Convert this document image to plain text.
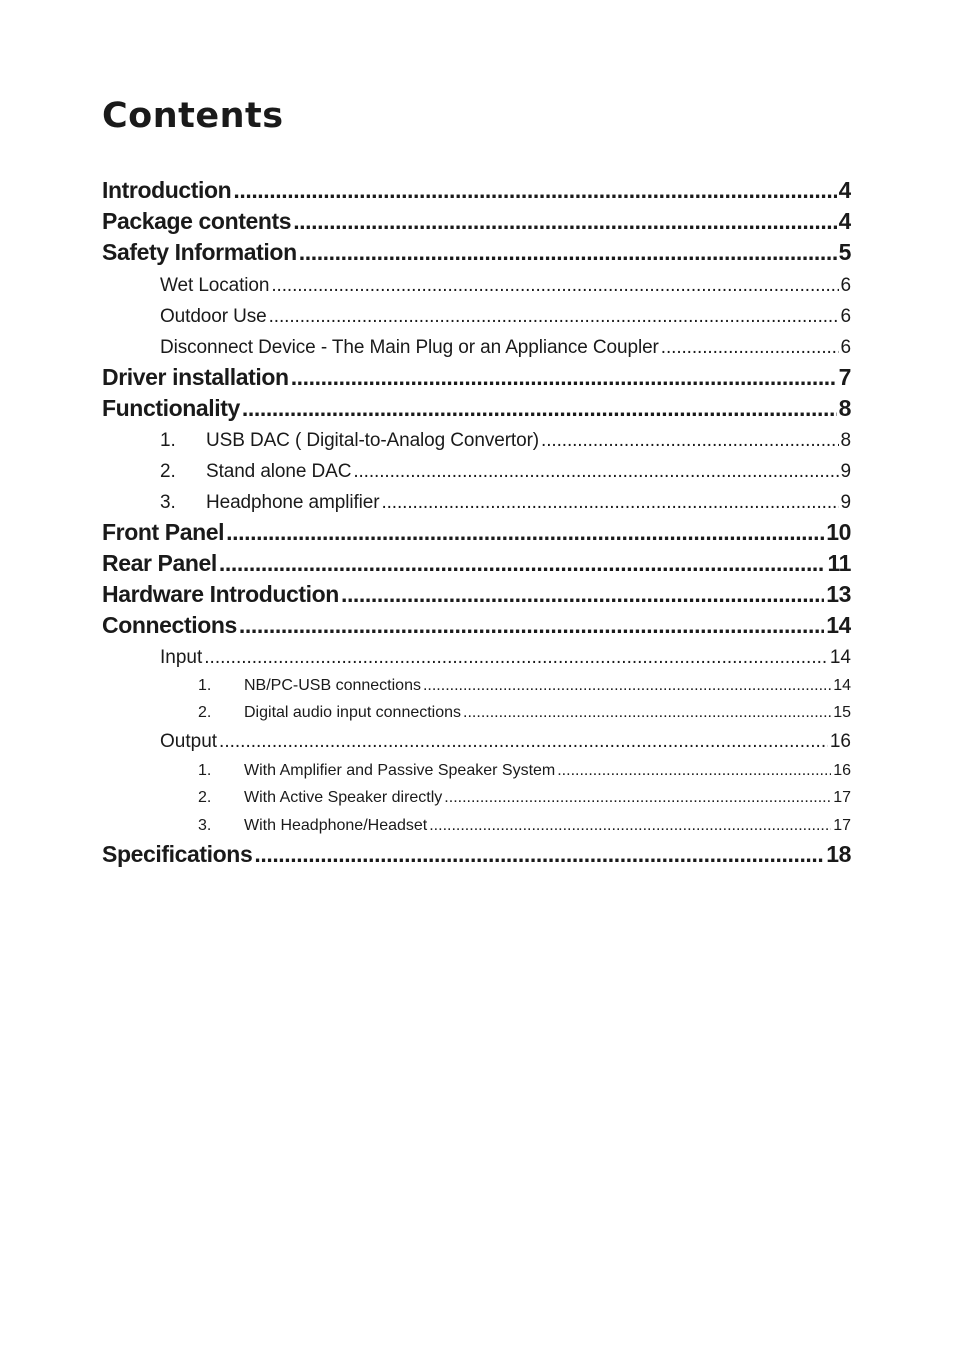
Contents
Introduction .....	4
Package contents .....	4
Safety Information .....	5
Wet Location .....	6
Outdoor Use .....	6
Disconnect Device - The Main Plug or an Appliance Coupler .....	6
Driver installation .....	7
Functionality .....	8
1.	USB DAC ( Digital-to-Analog Convertor) .....	8
2.	Stand alone DAC .....	9
3.	Headphone amplifier .....	9
Front Panel .....	10
Rear Panel .....	11
Hardware Introduction .....	13
Connections .....	14
Input .....	14
1.	NB/PC-USB connections .....	14
2.	Digital audio input connections .....	15
Output .....	16
1.	With Amplifier and Passive Speaker System .....	16
2.	With Active Speaker directly .....	17
3.	With Headphone/Headset .....	17
Specifications .....	18
